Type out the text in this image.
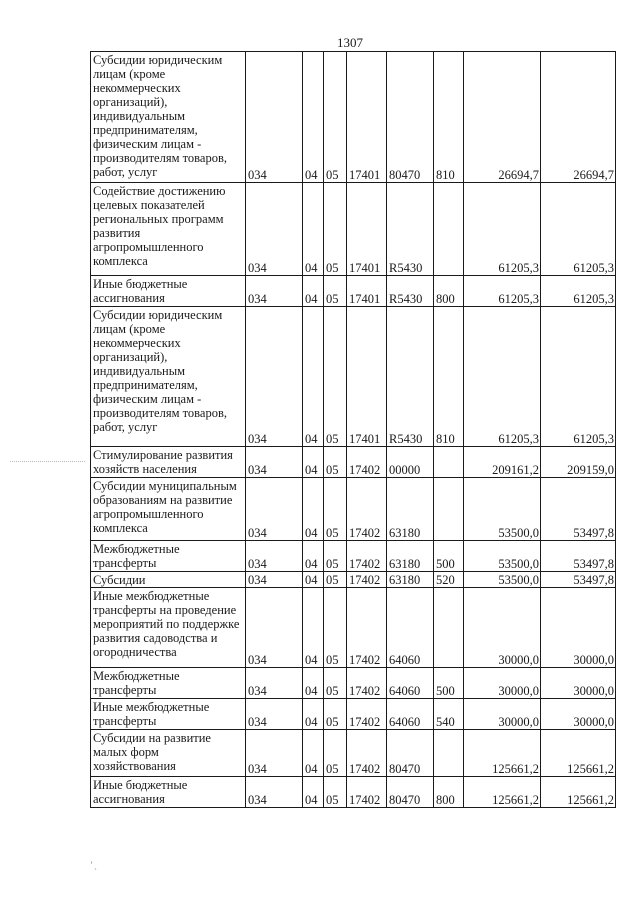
1307
ʼˎ
Субсидии юридическим лицам (кроме некоммерческих организаций), индивидуальным предпринимателям, физическим лицам - производителям товаров, работ, услуг	034	04	05	17401	80470	810	26694,7	26694,7
Содействие достижению целевых показателей региональных программ развития агропромышленного комплекса	034	04	05	17401	R5430		61205,3	61205,3
Иные бюджетные ассигнования	034	04	05	17401	R5430	800	61205,3	61205,3
Субсидии юридическим лицам (кроме некоммерческих организаций), индивидуальным предпринимателям, физическим лицам - производителям товаров, работ, услуг	034	04	05	17401	R5430	810	61205,3	61205,3
Стимулирование развития хозяйств населения	034	04	05	17402	00000		209161,2	209159,0
Субсидии муниципальным образованиям на развитие агропромышленного комплекса	034	04	05	17402	63180		53500,0	53497,8
Межбюджетные трансферты	034	04	05	17402	63180	500	53500,0	53497,8
Субсидии	034	04	05	17402	63180	520	53500,0	53497,8
Иные межбюджетные трансферты на проведение мероприятий по поддержке развития садоводства и огородничества	034	04	05	17402	64060		30000,0	30000,0
Межбюджетные трансферты	034	04	05	17402	64060	500	30000,0	30000,0
Иные межбюджетные трансферты	034	04	05	17402	64060	540	30000,0	30000,0
Субсидии на развитие малых форм хозяйствования	034	04	05	17402	80470		125661,2	125661,2
Иные бюджетные ассигнования	034	04	05	17402	80470	800	125661,2	125661,2
